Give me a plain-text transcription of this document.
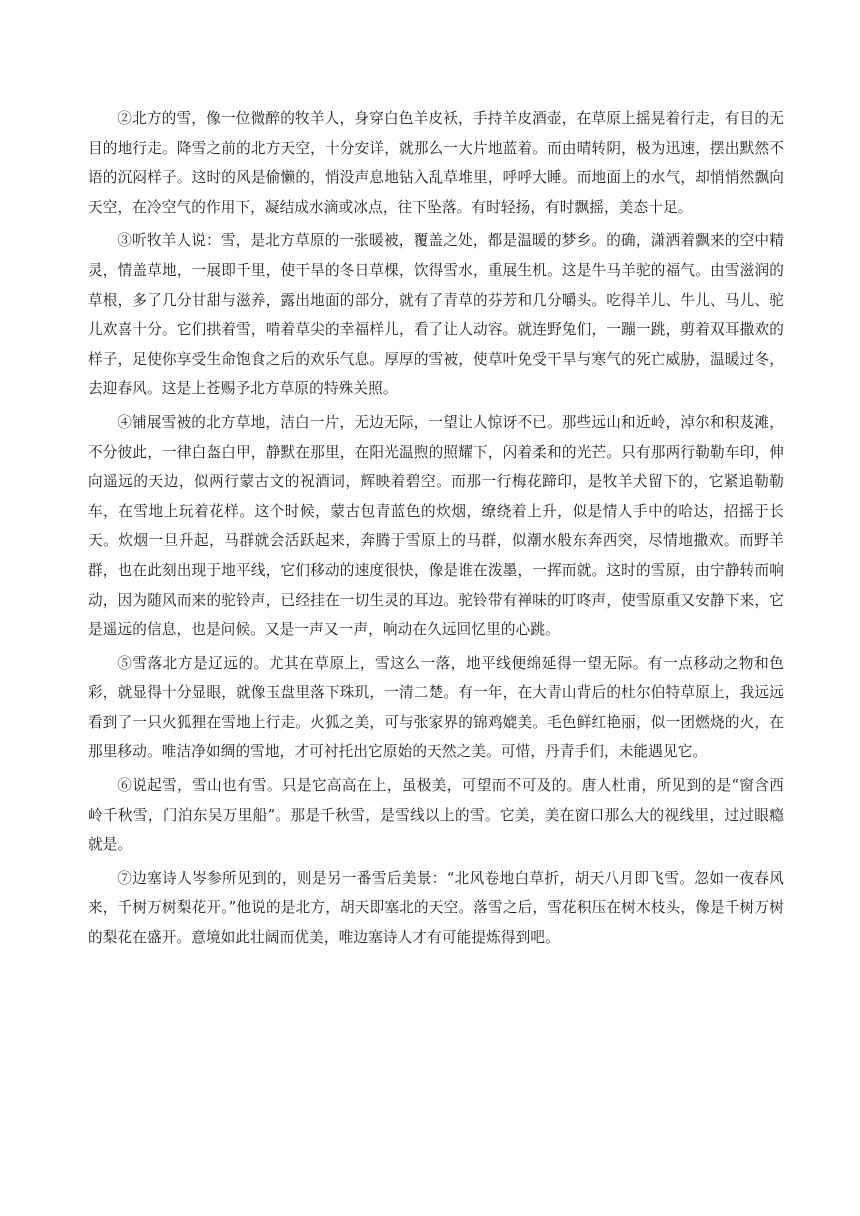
②北方的雪，像一位微醉的牧羊人，身穿白色羊皮袄，手持羊皮酒壶，在草原上摇晃着行走，有目的无目的地行走。降雪之前的北方天空，十分安详，就那么一大片地蓝着。而由晴转阴，极为迅速，摆出默然不语的沉闷样子。这时的风是偷懒的，悄没声息地钻入乱草堆里，呼呼大睡。而地面上的水气，却悄悄然飘向天空，在冷空气的作用下，凝结成水滴或冰点，往下坠落。有时轻扬，有时飘摇，美态十足。

③听牧羊人说：雪，是北方草原的一张暖被，覆盖之处，都是温暖的梦乡。的确，潇洒着飘来的空中精灵，情盖草地，一展即千里，使干旱的冬日草棵，饮得雪水，重展生机。这是牛马羊驼的福气。由雪滋润的草根，多了几分甘甜与滋养，露出地面的部分，就有了青草的芬芳和几分嚼头。吃得羊儿、牛儿、马儿、驼儿欢喜十分。它们拱着雪，啃着草尖的幸福样儿，看了让人动容。就连野兔们，一蹦一跳，剪着双耳撒欢的样子，足使你享受生命饱食之后的欢乐气息。厚厚的雪被，使草叶免受干旱与寒气的死亡威胁，温暖过冬，去迎春风。这是上苍赐予北方草原的特殊关照。

④铺展雪被的北方草地，洁白一片，无边无际，一望让人惊讶不已。那些远山和近岭，淖尔和积芨滩，不分彼此，一律白盔白甲，静默在那里，在阳光温煦的照耀下，闪着柔和的光芒。只有那两行勒勒车印，伸向遥远的天边，似两行蒙古文的祝酒词，辉映着碧空。而那一行梅花蹄印，是牧羊犬留下的，它紧追勒勒车，在雪地上玩着花样。这个时候，蒙古包青蓝色的炊烟，缭绕着上升，似是情人手中的哈达，招摇于长天。炊烟一旦升起，马群就会活跃起来，奔腾于雪原上的马群，似潮水般东奔西突，尽情地撒欢。而野羊群，也在此刻出现于地平线，它们移动的速度很快，像是谁在泼墨，一挥而就。这时的雪原，由宁静转而响动，因为随风而来的驼铃声，已经挂在一切生灵的耳边。驼铃带有禅味的叮咚声，使雪原重又安静下来，它是遥远的信息，也是问候。又是一声又一声，响动在久远回忆里的心跳。

⑤雪落北方是辽远的。尤其在草原上，雪这么一落，地平线便绵延得一望无际。有一点移动之物和色彩，就显得十分显眼，就像玉盘里落下珠玑，一清二楚。有一年，在大青山背后的杜尔伯特草原上，我远远看到了一只火狐狸在雪地上行走。火狐之美，可与张家界的锦鸡媲美。毛色鲜红艳丽，似一团燃烧的火，在那里移动。唯洁净如绸的雪地，才可衬托出它原始的天然之美。可惜，丹青手们，未能遇见它。

⑥说起雪，雪山也有雪。只是它高高在上，虽极美，可望而不可及的。唐人杜甫，所见到的是“窗含西岭千秋雪，门泊东吴万里船”。那是千秋雪，是雪线以上的雪。它美，美在窗口那么大的视线里，过过眼瘾就是。

⑦边塞诗人岑参所见到的，则是另一番雪后美景：“北风卷地白草折，胡天八月即飞雪。忽如一夜春风来，千树万树梨花开。”他说的是北方，胡天即塞北的天空。落雪之后，雪花积压在树木枝头，像是千树万树的梨花在盛开。意境如此壮阔而优美，唯边塞诗人才有可能提炼得到吧。
